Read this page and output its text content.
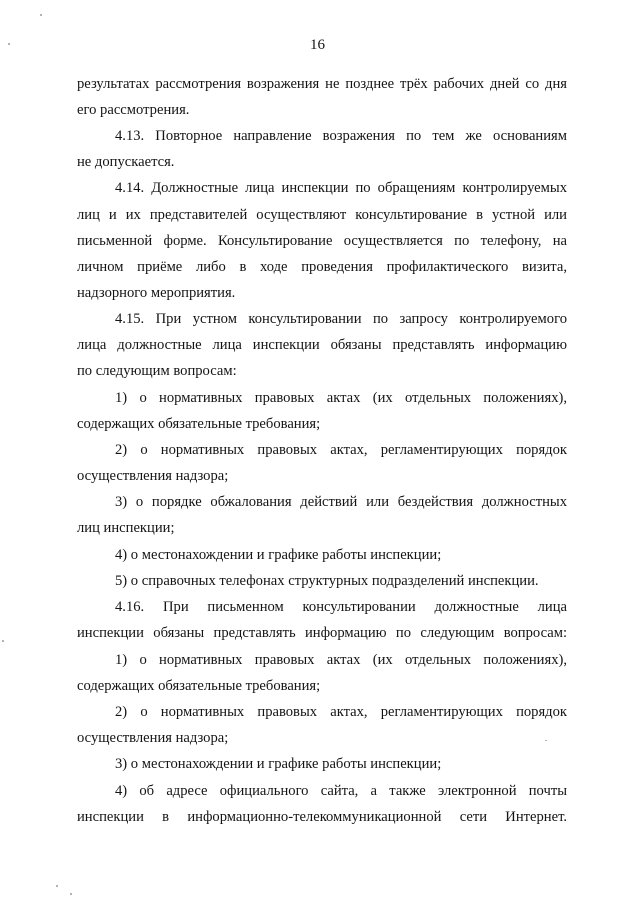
16
результатах рассмотрения возражения не позднее трёх рабочих дней со дня
его рассмотрения.
4.13. Повторное направление возражения по тем же основаниям
не допускается.
4.14. Должностные лица инспекции по обращениям контролируемых
лиц и их представителей осуществляют консультирование в устной или
письменной форме. Консультирование осуществляется по телефону, на
личном приёме либо в ходе проведения профилактического визита,
надзорного мероприятия.
4.15. При устном консультировании по запросу контролируемого
лица должностные лица инспекции обязаны представлять информацию
по следующим вопросам:
1) о нормативных правовых актах (их отдельных положениях),
содержащих обязательные требования;
2) о нормативных правовых актах, регламентирующих порядок
осуществления надзора;
3) о порядке обжалования действий или бездействия должностных
лиц инспекции;
4) о местонахождении и графике работы инспекции;
5) о справочных телефонах структурных подразделений инспекции.
4.16. При письменном консультировании должностные лица
инспекции обязаны представлять информацию по следующим вопросам:
1) о нормативных правовых актах (их отдельных положениях),
содержащих обязательные требования;
2) о нормативных правовых актах, регламентирующих порядок
осуществления надзора;
3) о местонахождении и графике работы инспекции;
4) об адресе официального сайта, а также электронной почты
инспекции в информационно-телекоммуникационной сети Интернет.
